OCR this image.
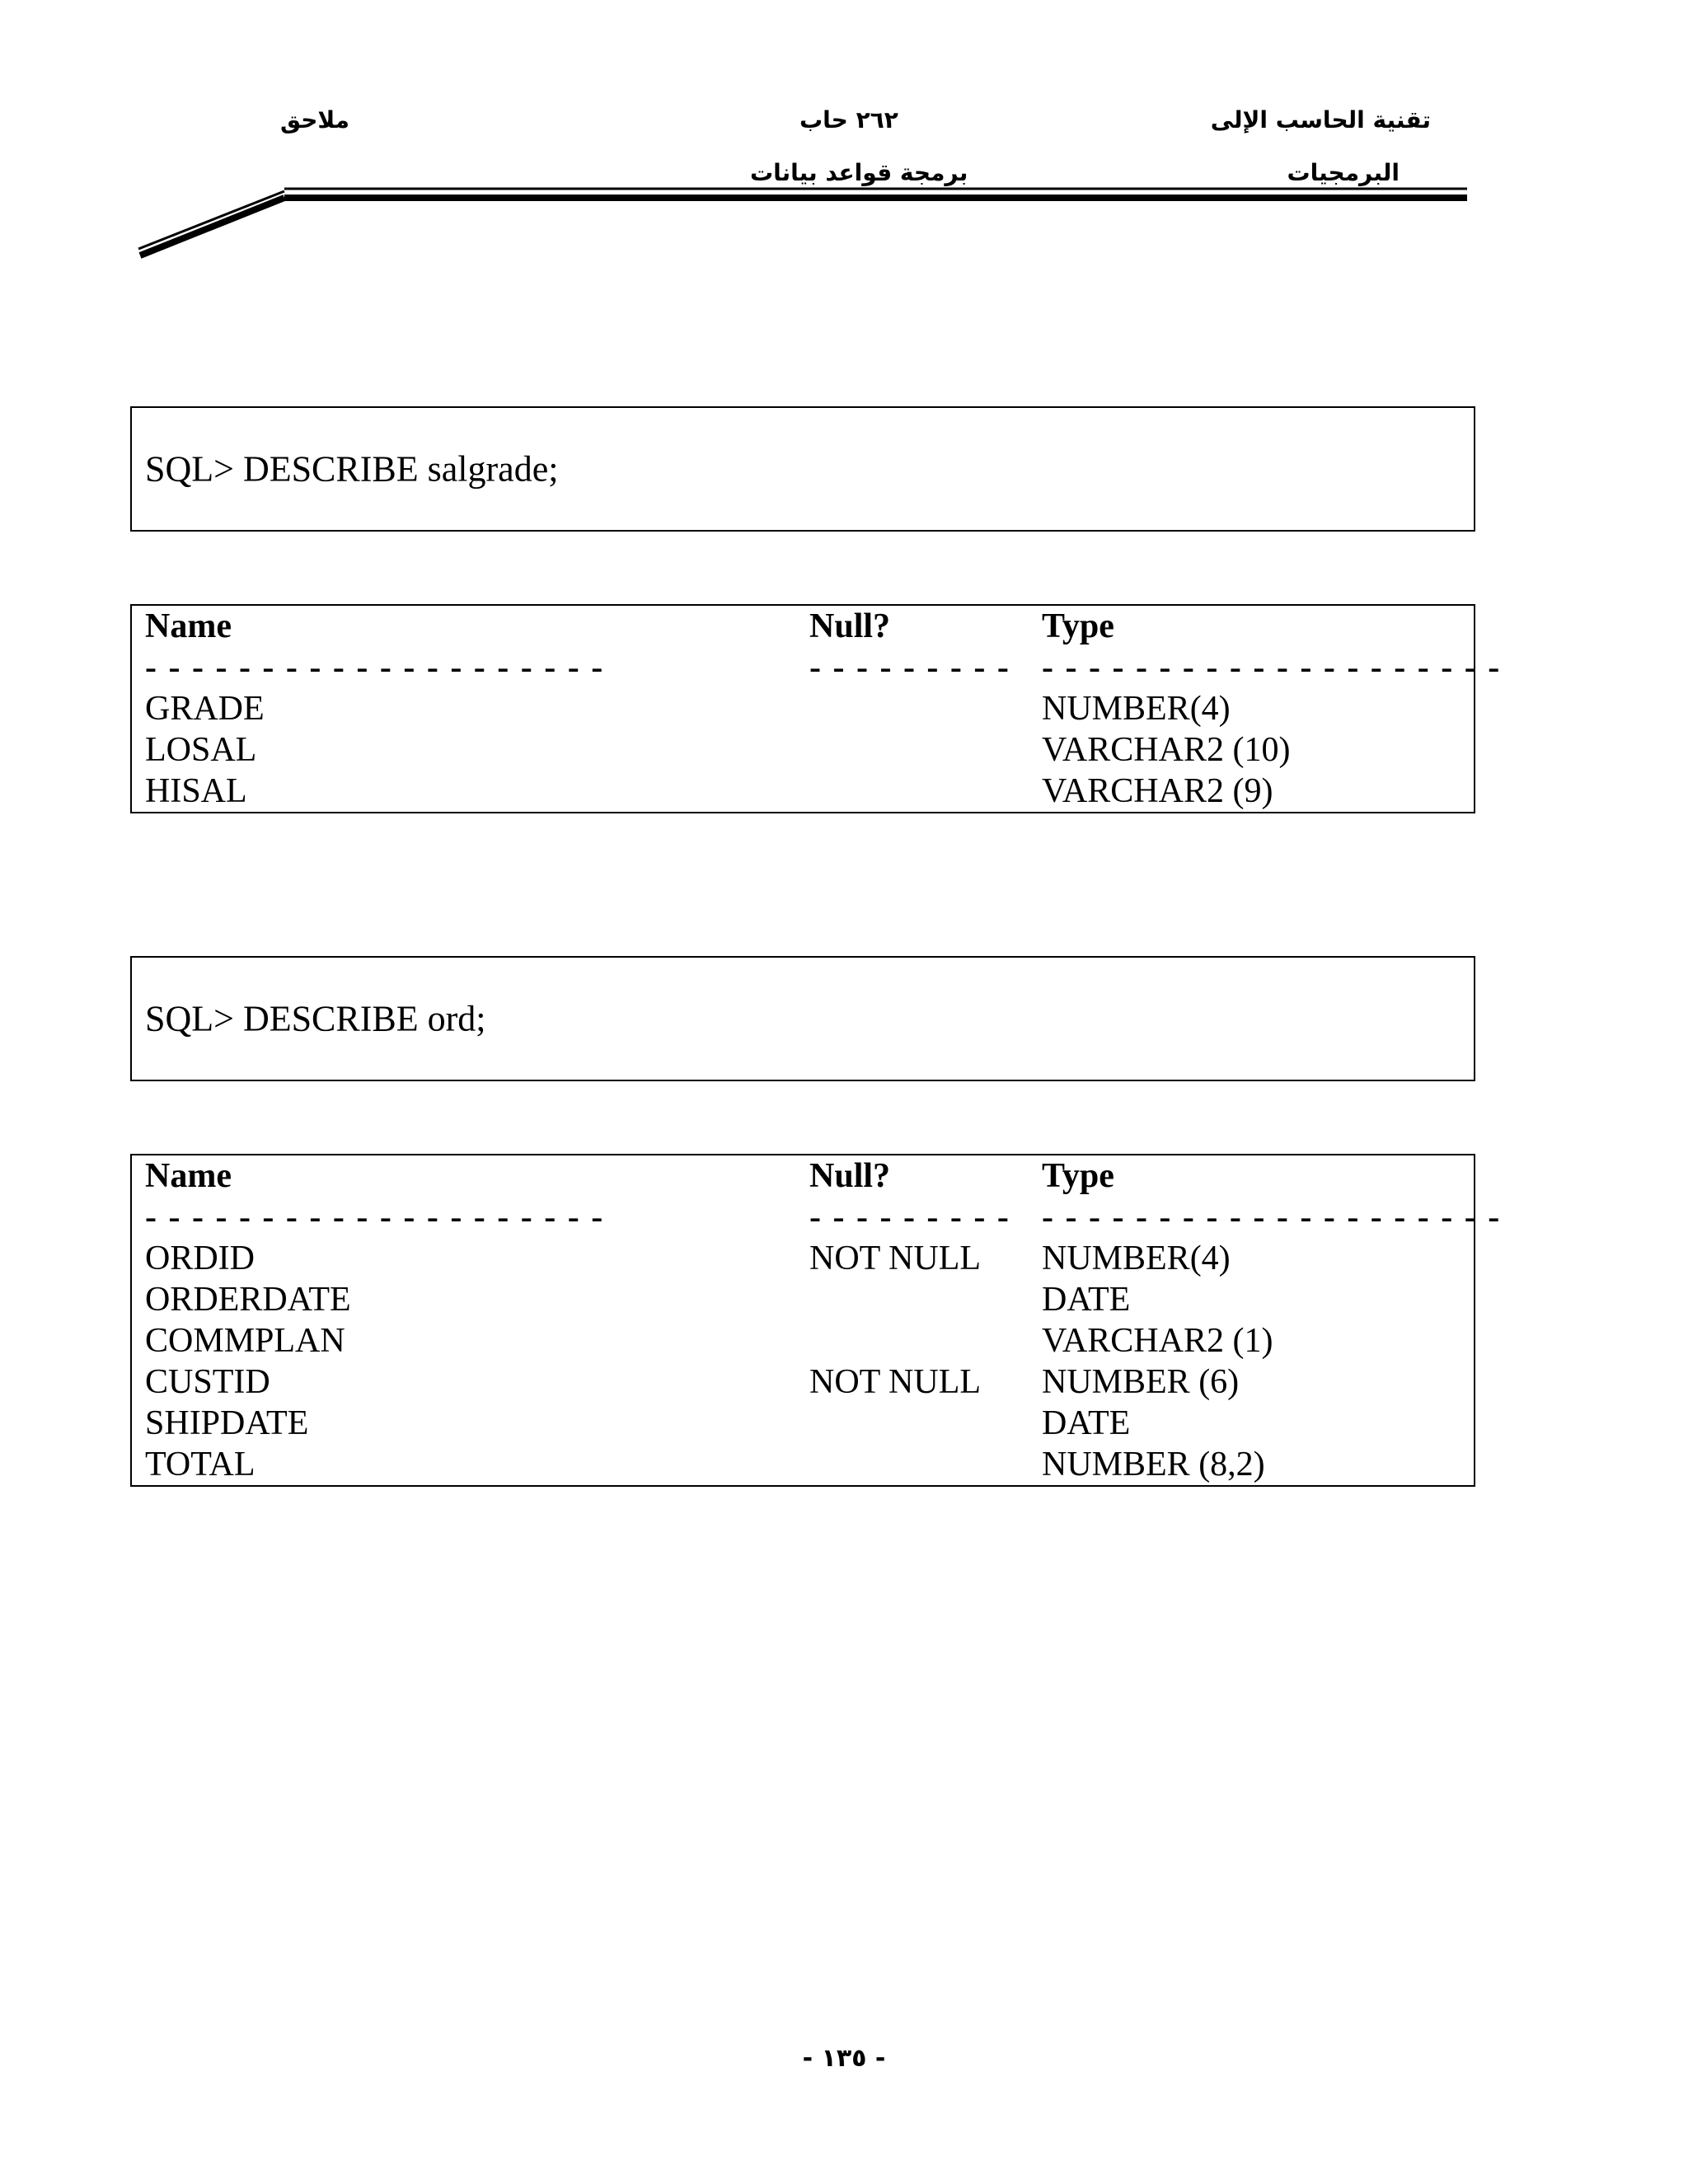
تقنية الحاسب الإلى
البرمجيات
٢٦٢ حاب
برمجة قواعد بيانات
ملاحق
SQL> DESCRIBE salgrade;
Name	Null?	Type
- - - - - - - - - - - - - - - - - - - -	- - - - - - - - - - - - - - - - - - - - - - - - - - - - -
GRADE	NUMBER(4)
LOSAL	VARCHAR2 (10)
HISAL	VARCHAR2 (9)
SQL> DESCRIBE ord;
Name	Null?	Type
- - - - - - - - - - - - - - - - - - - -	- - - - - - - - - - - - - - - - - - - - - - - - - - - - -
ORDID	NOT NULL NUMBER(4)
ORDERDATE	DATE
COMMPLAN	VARCHAR2 (1)
CUSTID	NOT NULL NUMBER (6)
SHIPDATE	DATE
TOTAL	NUMBER (8,2)
- ١٣٥ -
